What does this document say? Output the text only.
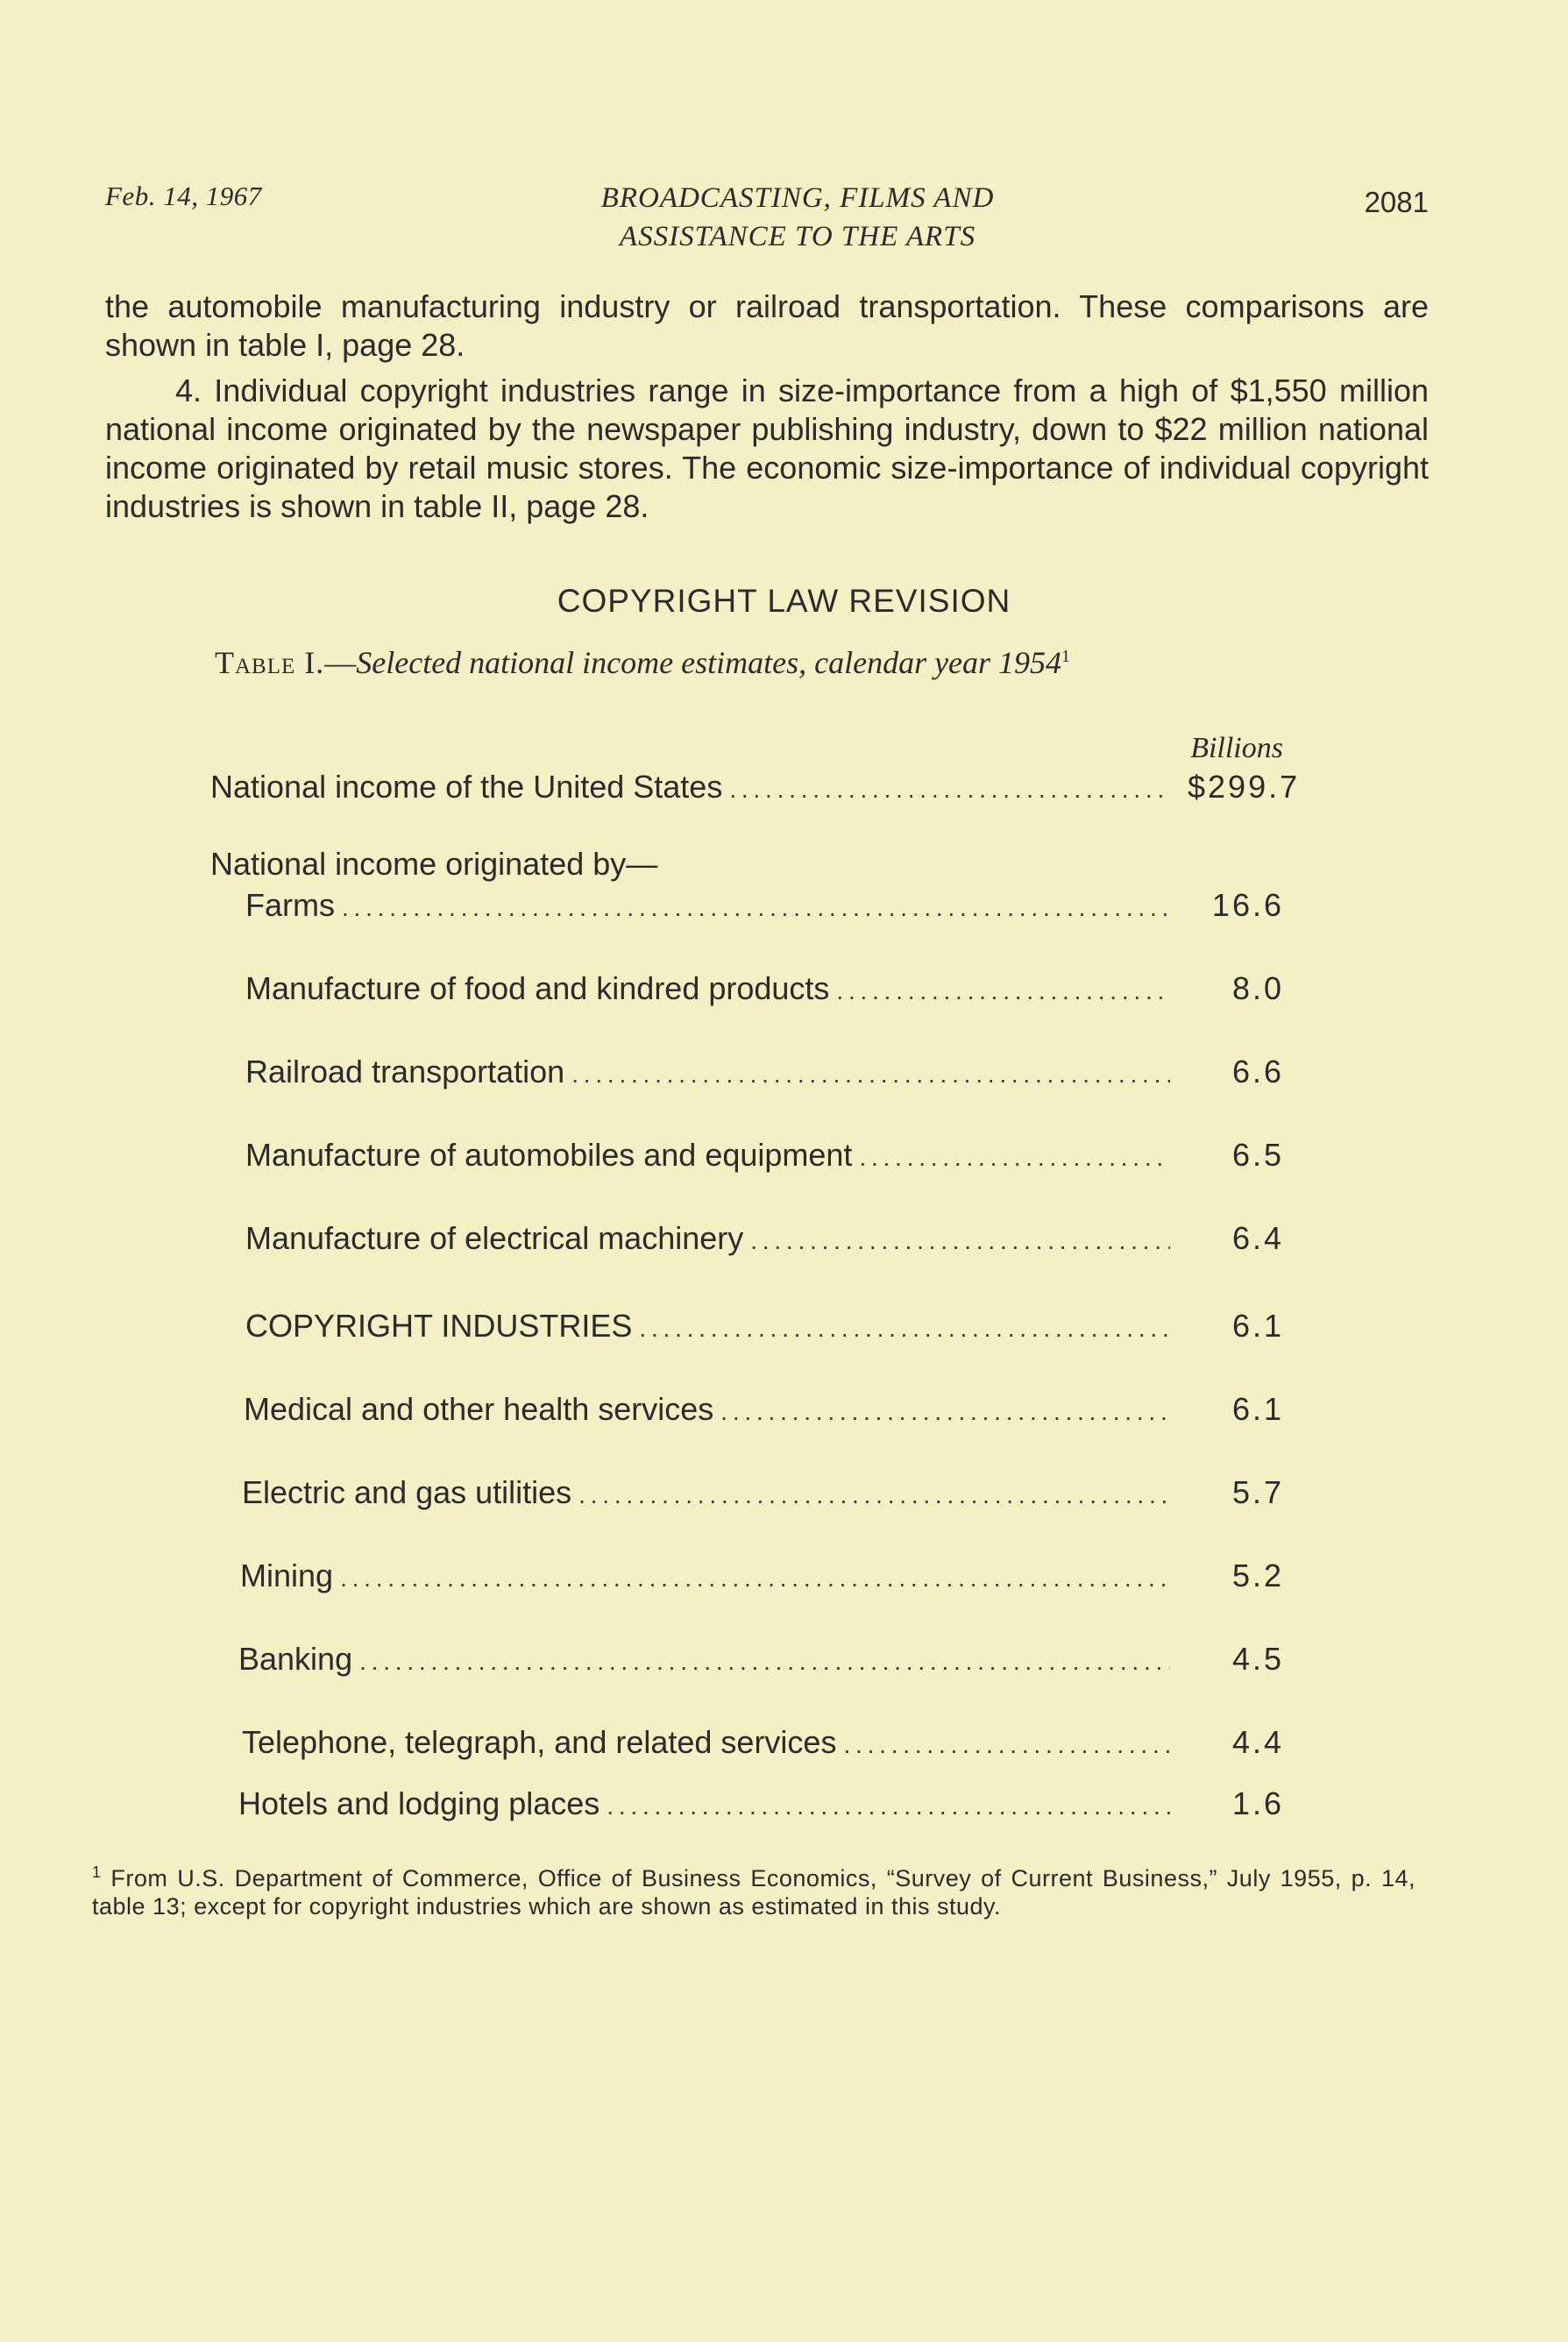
Feb. 14, 1967	BROADCASTING, FILMS AND
ASSISTANCE TO THE ARTS
2081

the automobile manufacturing industry or railroad transportation. These comparisons are shown in table I, page 28.

4. Individual copyright industries range in size-importance from a high of $1,550 million national income originated by the newspaper publishing industry, down to $22 million national income originated by retail music stores. The economic size-importance of individual copyright industries is shown in table II, page 28.

COPYRIGHT LAW REVISION
Table I.—Selected national income estimates, calendar year 1954$^1$
Billions
National income of the United States . . .	$299.7
National income originated by—
Farms . . .	16.6
Manufacture of food and kindred products . . .	8.0
Railroad transportation . . .	6.6
Manufacture of automobiles and equipment . . .	6.5
Manufacture of electrical machinery . . .	6.4
COPYRIGHT INDUSTRIES . . .	6.1
Medical and other health services . . .	6.1
Electric and gas utilities . . .	5.7
Mining . . .	5.2
Banking . . .	4.5
Telephone, telegraph, and related services . . .	4.4
Hotels and lodging places . . .	1.6
$^1$ From U.S. Department of Commerce, Office of Business Economics, “Survey of Current Business,” July 1955, p. 14, table 13; except for copyright industries which are shown as estimated in this study.
